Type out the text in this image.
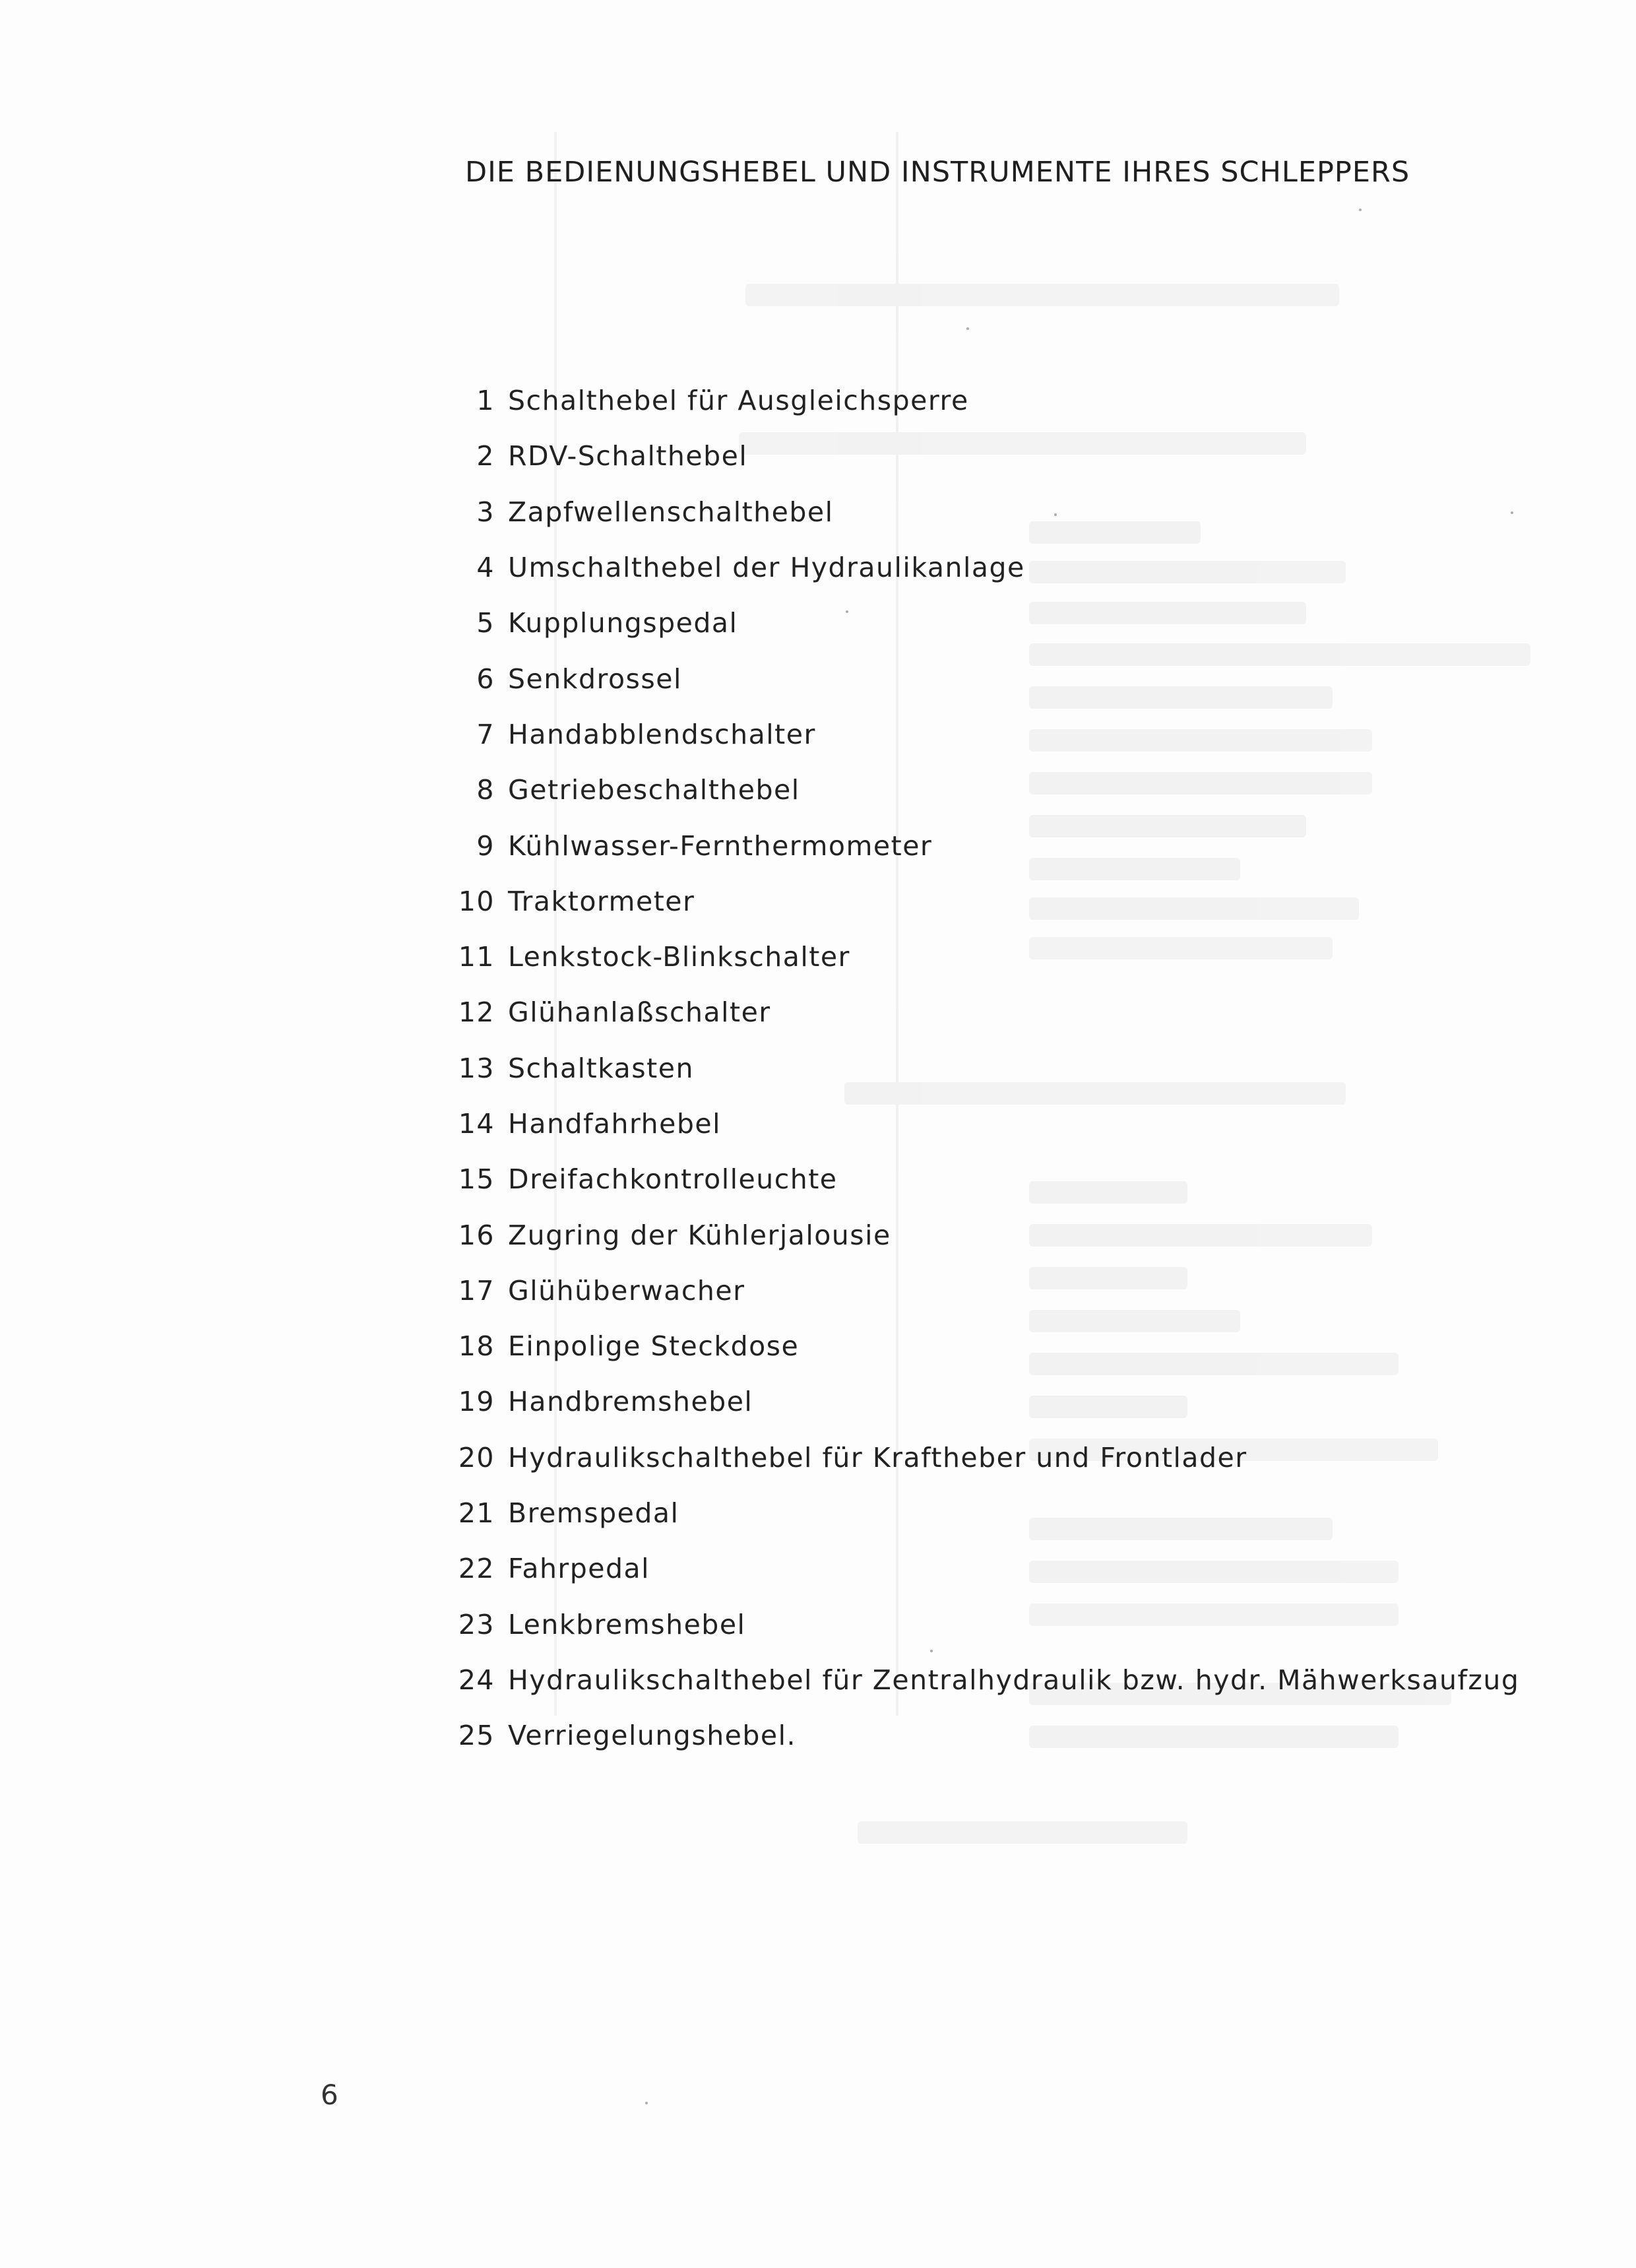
DIE BEDIENUNGSHEBEL UND INSTRUMENTE IHRES SCHLEPPERS
1 Schalthebel für Ausgleichsperre
2 RDV-Schalthebel
3 Zapfwellenschalthebel
4 Umschalthebel der Hydraulikanlage
5 Kupplungspedal
6 Senkdrossel
7 Handabblendschalter
8 Getriebeschalthebel
9 Kühlwasser-Fernthermometer
10 Traktormeter
11 Lenkstock-Blinkschalter
12 Glühanlaßschalter
13 Schaltkasten
14 Handfahrhebel
15 Dreifachkontrolleuchte
16 Zugring der Kühlerjalousie
17 Glühüberwacher
18 Einpolige Steckdose
19 Handbremshebel
20 Hydraulikschalthebel für Kraftheber und Frontlader
21 Bremspedal
22 Fahrpedal
23 Lenkbremshebel
24 Hydraulikschalthebel für Zentralhydraulik bzw. hydr. Mähwerksaufzug
25 Verriegelungshebel.
6
